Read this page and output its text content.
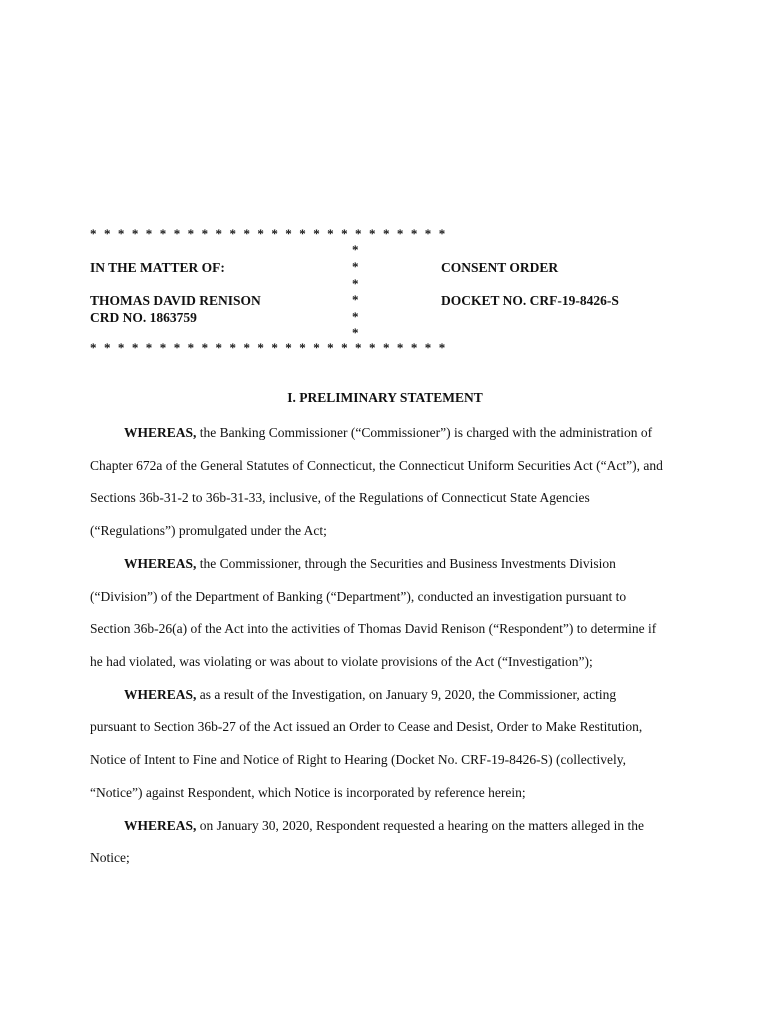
* * * * * * * * * * * * * * * * * * * * * * * * * *
*
*
*
*
*
*
IN THE MATTER OF:
THOMAS DAVID RENISON
CRD NO. 1863759
CONSENT ORDER
DOCKET NO. CRF-19-8426-S
* * * * * * * * * * * * * * * * * * * * * * * * * *
I. PRELIMINARY STATEMENT
WHEREAS, the Banking Commissioner (“Commissioner”) is charged with the administration of
Chapter 672a of the General Statutes of Connecticut, the Connecticut Uniform Securities Act (“Act”), and
Sections 36b-31-2 to 36b-31-33, inclusive, of the Regulations of Connecticut State Agencies
(“Regulations”) promulgated under the Act;
WHEREAS, the Commissioner, through the Securities and Business Investments Division
(“Division”) of the Department of Banking (“Department”), conducted an investigation pursuant to
Section 36b-26(a) of the Act into the activities of Thomas David Renison (“Respondent”) to determine if
he had violated, was violating or was about to violate provisions of the Act (“Investigation”);
WHEREAS, as a result of the Investigation, on January 9, 2020, the Commissioner, acting
pursuant to Section 36b-27 of the Act issued an Order to Cease and Desist, Order to Make Restitution,
Notice of Intent to Fine and Notice of Right to Hearing (Docket No. CRF-19-8426-S) (collectively,
“Notice”) against Respondent, which Notice is incorporated by reference herein;
WHEREAS, on January 30, 2020, Respondent requested a hearing on the matters alleged in the
Notice;
